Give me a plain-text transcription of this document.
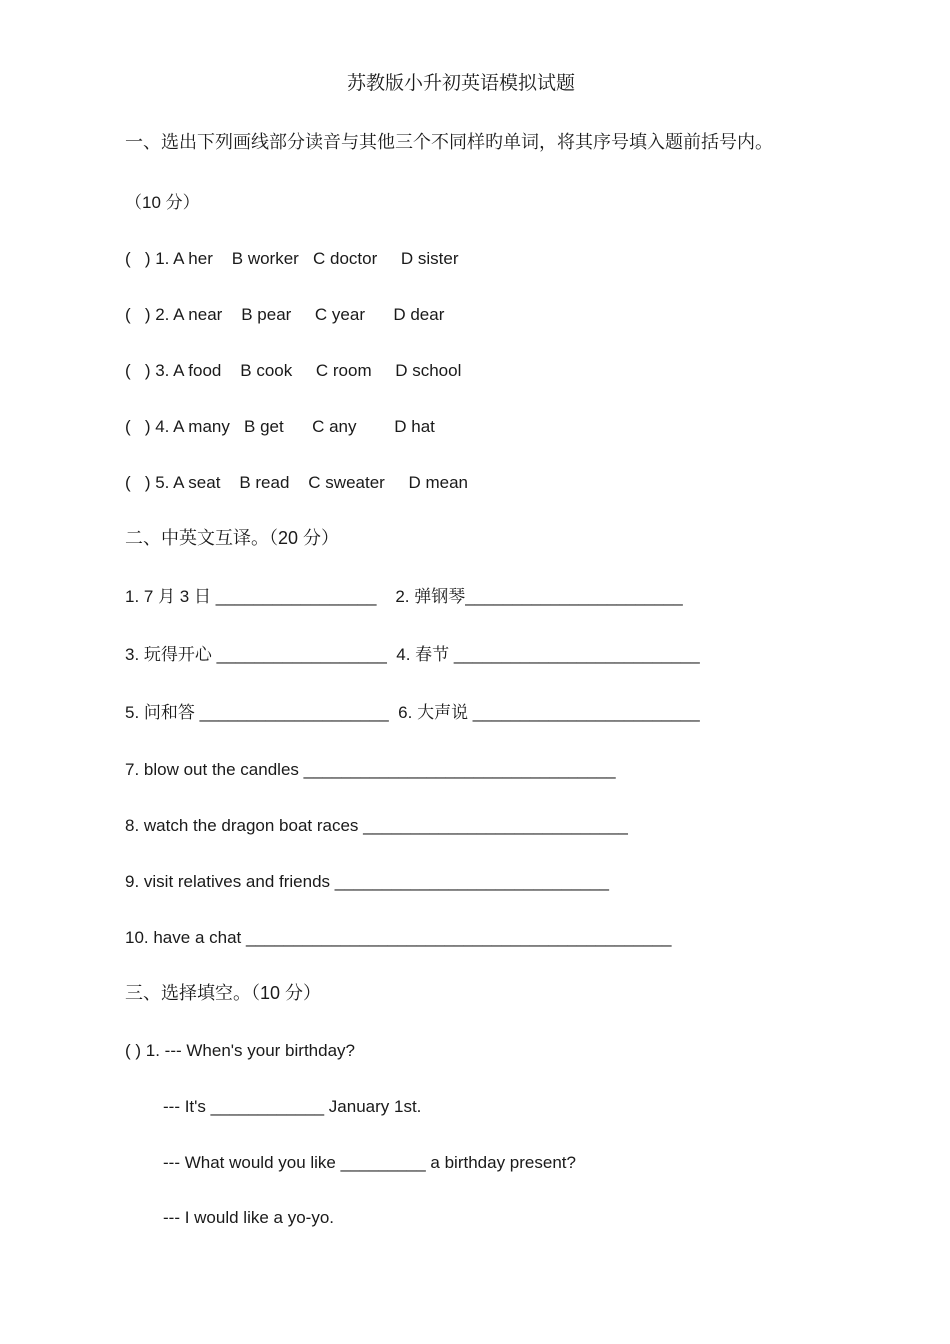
苏教版小升初英语模拟试题
一、选出下列画线部分读音与其他三个不同样旳单词，将其序号填入题前括号内。
（10 分）
(   ) 1. A her    B worker   C doctor     D sister
(   ) 2. A near    B pear     C year      D dear
(   ) 3. A food    B cook     C room     D school
(   ) 4. A many   B get      C any        D hat
(   ) 5. A seat    B read    C sweater     D mean
二、中英文互译。（20 分）
1. 7 月 3 日 _________________    2. 弹钢琴_______________________
3. 玩得开心 __________________  4. 春节 __________________________
5. 问和答 ____________________  6. 大声说 ________________________
7. blow out the candles _________________________________
8. watch the dragon boat races ____________________________
9. visit relatives and friends _____________________________
10. have a chat _____________________________________________
三、选择填空。（10 分）
( ) 1. --- When's your birthday?
--- It's ____________ January 1st.
--- What would you like _________ a birthday present?
--- I would like a yo-yo.
